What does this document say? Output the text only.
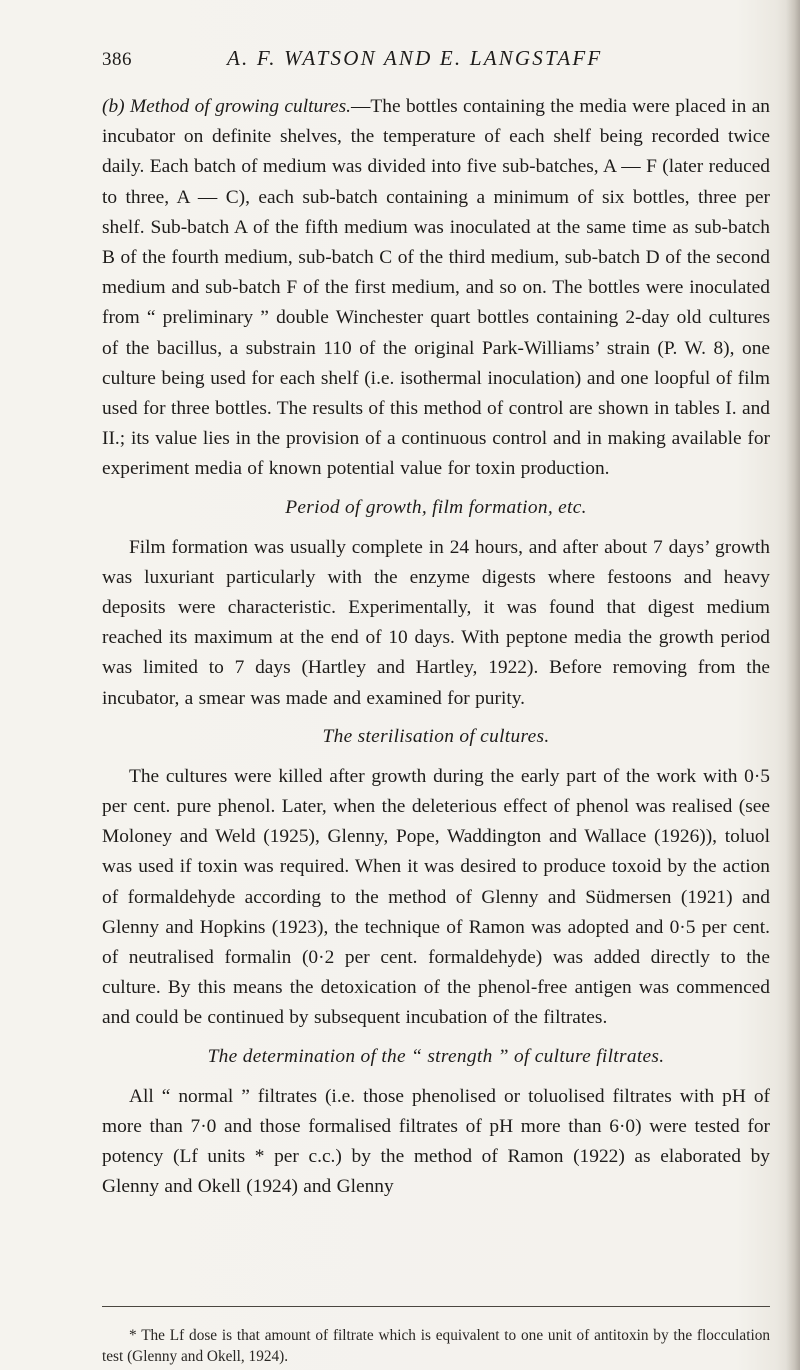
386	A. F. WATSON AND E. LANGSTAFF

(b) Method of growing cultures.—The bottles containing the media were placed in an incubator on definite shelves, the temperature of each shelf being recorded twice daily. Each batch of medium was divided into five sub-batches, A — F (later reduced to three, A — C), each sub-batch containing a minimum of six bottles, three per shelf. Sub-batch A of the fifth medium was inoculated at the same time as sub-batch B of the fourth medium, sub-batch C of the third medium, sub-batch D of the second medium and sub-batch F of the first medium, and so on. The bottles were inoculated from “ preliminary ” double Winchester quart bottles containing 2-day old cultures of the bacillus, a substrain 110 of the original Park-Williams’ strain (P. W. 8), one culture being used for each shelf (i.e. isothermal inoculation) and one loopful of film used for three bottles. The results of this method of control are shown in tables I. and II.; its value lies in the provision of a continuous control and in making available for experiment media of known potential value for toxin production.

Period of growth, film formation, etc.

Film formation was usually complete in 24 hours, and after about 7 days’ growth was luxuriant particularly with the enzyme digests where festoons and heavy deposits were characteristic. Experimentally, it was found that digest medium reached its maximum at the end of 10 days. With peptone media the growth period was limited to 7 days (Hartley and Hartley, 1922). Before removing from the incubator, a smear was made and examined for purity.

The sterilisation of cultures.

The cultures were killed after growth during the early part of the work with 0·5 per cent. pure phenol. Later, when the deleterious effect of phenol was realised (see Moloney and Weld (1925), Glenny, Pope, Waddington and Wallace (1926)), toluol was used if toxin was required. When it was desired to produce toxoid by the action of formaldehyde according to the method of Glenny and Südmersen (1921) and Glenny and Hopkins (1923), the technique of Ramon was adopted and 0·5 per cent. of neutralised formalin (0·2 per cent. formaldehyde) was added directly to the culture. By this means the detoxication of the phenol-free antigen was commenced and could be continued by subsequent incubation of the filtrates.

The determination of the “ strength ” of culture filtrates.

All “ normal ” filtrates (i.e. those phenolised or toluolised filtrates with pH of more than 7·0 and those formalised filtrates of pH more than 6·0) were tested for potency (Lf units * per c.c.) by the method of Ramon (1922) as elaborated by Glenny and Okell (1924) and Glenny

* The Lf dose is that amount of filtrate which is equivalent to one unit of antitoxin by the flocculation test (Glenny and Okell, 1924).
